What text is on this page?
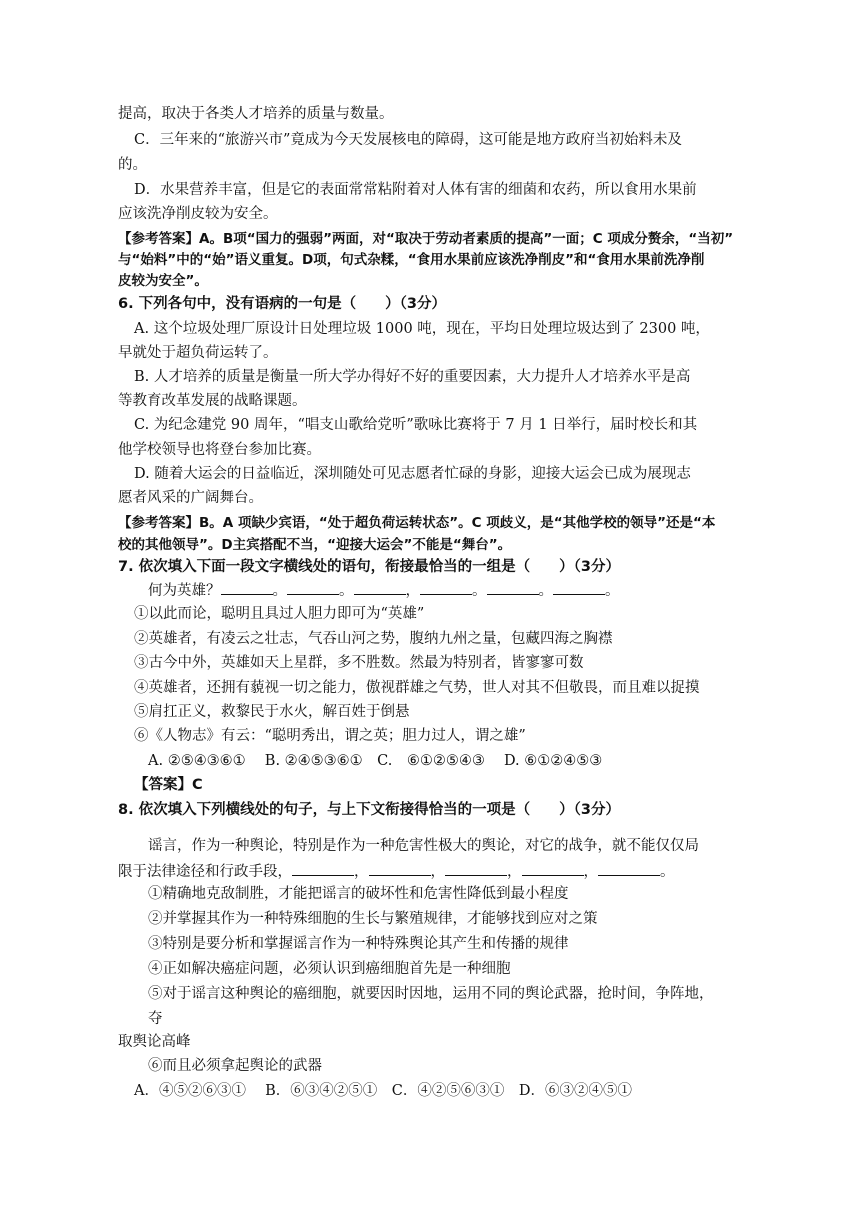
提高，取决于各类人才培养的质量与数量。
C．三年来的“旅游兴市”竟成为今天发展核电的障碍，这可能是地方政府当初始料未及
的。
D．水果营养丰富，但是它的表面常常粘附着对人体有害的细菌和农药，所以食用水果前
应该洗净削皮较为安全。
【参考答案】A。B项“国力的强弱”两面，对“取决于劳动者素质的提高”一面；C 项成分赘余，“当初”
与“始料”中的“始”语义重复。D项，句式杂糅，“食用水果前应该洗净削皮”和“食用水果前洗净削
皮较为安全”。
6. 下列各句中，没有语病的一句是（　　）（3分）
A. 这个垃圾处理厂原设计日处理垃圾 1000 吨，现在，平均日处理垃圾达到了 2300 吨，
早就处于超负荷运转了。
B. 人才培养的质量是衡量一所大学办得好不好的重要因素，大力提升人才培养水平是高
等教育改革发展的战略课题。
C. 为纪念建党 90 周年，“唱支山歌给党听”歌咏比赛将于 7 月 1 日举行，届时校长和其
他学校领导也将登台参加比赛。
D. 随着大运会的日益临近，深圳随处可见志愿者忙碌的身影，迎接大运会已成为展现志
愿者风采的广阔舞台。
【参考答案】B。A 项缺少宾语，“处于超负荷运转状态”。C 项歧义，是“其他学校的领导”还是“本
校的其他领导”。D主宾搭配不当，“迎接大运会”不能是“舞台”。
7. 依次填入下面一段文字横线处的语句，衔接最恰当的一组是（　　）（3分）
何为英雄？	。	。	，	。	。	。
①以此而论，聪明且具过人胆力即可为“英雄”
②英雄者，有凌云之壮志，气吞山河之势，腹纳九州之量，包藏四海之胸襟
③古今中外，英雄如天上星群，多不胜数。然最为特别者，皆寥寥可数
④英雄者，还拥有藐视一切之能力，傲视群雄之气势，世人对其不但敬畏，而且难以捉摸
⑤肩扛正义，救黎民于水火，解百姓于倒悬
⑥《人物志》有云：“聪明秀出，谓之英；胆力过人，谓之雄”
A. ②⑤④③⑥①　 B. ②④⑤③⑥①　C.　⑥①②⑤④③　 D. ⑥①②④⑤③
【答案】C
8. 依次填入下列横线处的句子，与上下文衔接得恰当的一项是（　　）（3分）
谣言，作为一种舆论，特别是作为一种危害性极大的舆论，对它的战争，就不能仅仅局
限于法律途径和行政手段，	，	，	，	，	。
①精确地克敌制胜，才能把谣言的破坏性和危害性降低到最小程度
②并掌握其作为一种特殊细胞的生长与繁殖规律，才能够找到应对之策
③特别是要分析和掌握谣言作为一种特殊舆论其产生和传播的规律
④正如解决癌症问题，必须认识到癌细胞首先是一种细胞
⑤对于谣言这种舆论的癌细胞，就要因时因地，运用不同的舆论武器，抢时间，争阵地，
夺
取舆论高峰
⑥而且必须拿起舆论的武器
A．④⑤②⑥③①　 B．⑥③④②⑤①　C．④②⑤⑥③①　D．⑥③②④⑤①
